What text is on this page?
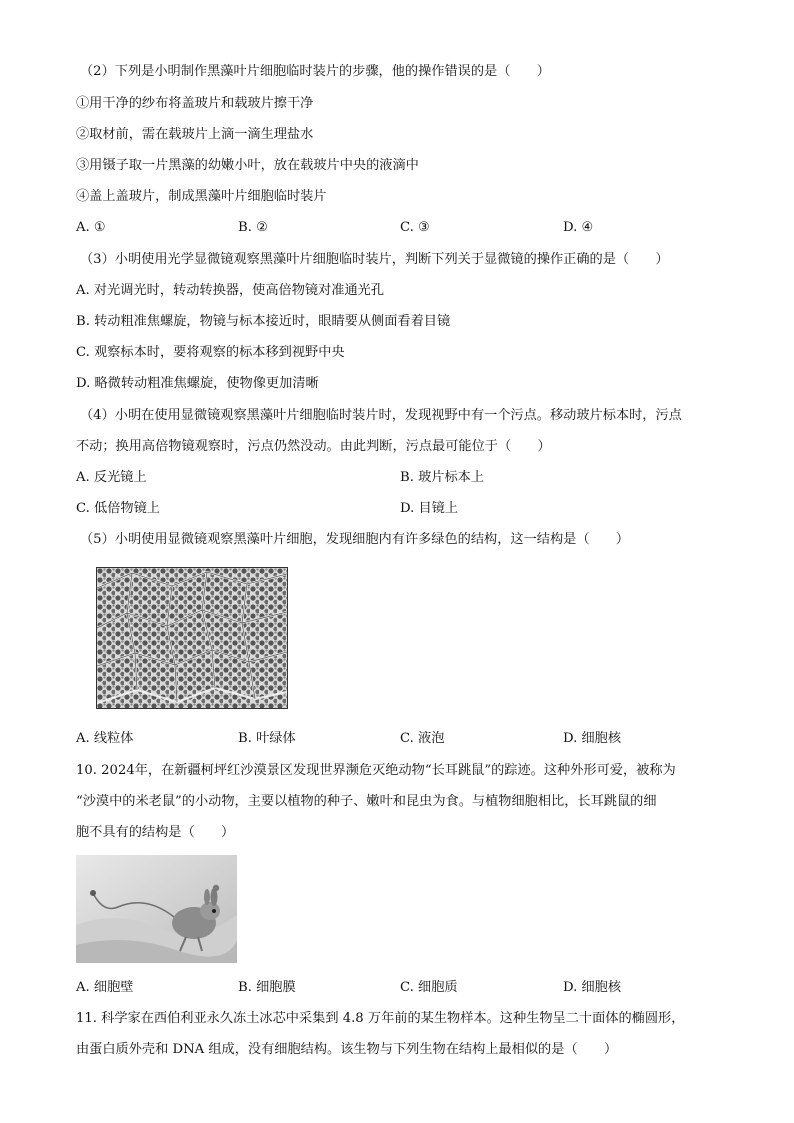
（2）下列是小明制作黑藻叶片细胞临时装片的步骤，他的操作错误的是（　　）
①用干净的纱布将盖玻片和载玻片擦干净
②取材前，需在载玻片上滴一滴生理盐水
③用镊子取一片黑藻的幼嫩小叶，放在载玻片中央的液滴中
④盖上盖玻片，制成黑藻叶片细胞临时装片
A. ①	B. ②	C. ③	D. ④
（3）小明使用光学显微镜观察黑藻叶片细胞临时装片，判断下列关于显微镜的操作正确的是（　　）
A. 对光调光时，转动转换器，使高倍物镜对准通光孔
B. 转动粗准焦螺旋，物镜与标本接近时，眼睛要从侧面看着目镜
C. 观察标本时，要将观察的标本移到视野中央
D. 略微转动粗准焦螺旋，使物像更加清晰
（4）小明在使用显微镜观察黑藻叶片细胞临时装片时，发现视野中有一个污点。移动玻片标本时，污点
不动；换用高倍物镜观察时，污点仍然没动。由此判断，污点最可能位于（　　）
A. 反光镜上	B. 玻片标本上
C. 低倍物镜上	D. 目镜上
（5）小明使用显微镜观察黑藻叶片细胞，发现细胞内有许多绿色的结构，这一结构是（　　）
A. 线粒体	B. 叶绿体	C. 液泡	D. 细胞核
10. 2024年，在新疆柯坪红沙漠景区发现世界濒危灭绝动物“长耳跳鼠”的踪迹。这种外形可爱，被称为
“沙漠中的米老鼠”的小动物，主要以植物的种子、嫩叶和昆虫为食。与植物细胞相比，长耳跳鼠的细
胞不具有的结构是（　　）
A. 细胞壁	B. 细胞膜	C. 细胞质	D. 细胞核
11. 科学家在西伯利亚永久冻土冰芯中采集到 4.8 万年前的某生物样本。这种生物呈二十面体的椭圆形，
由蛋白质外壳和 DNA 组成，没有细胞结构。该生物与下列生物在结构上最相似的是（　　）
